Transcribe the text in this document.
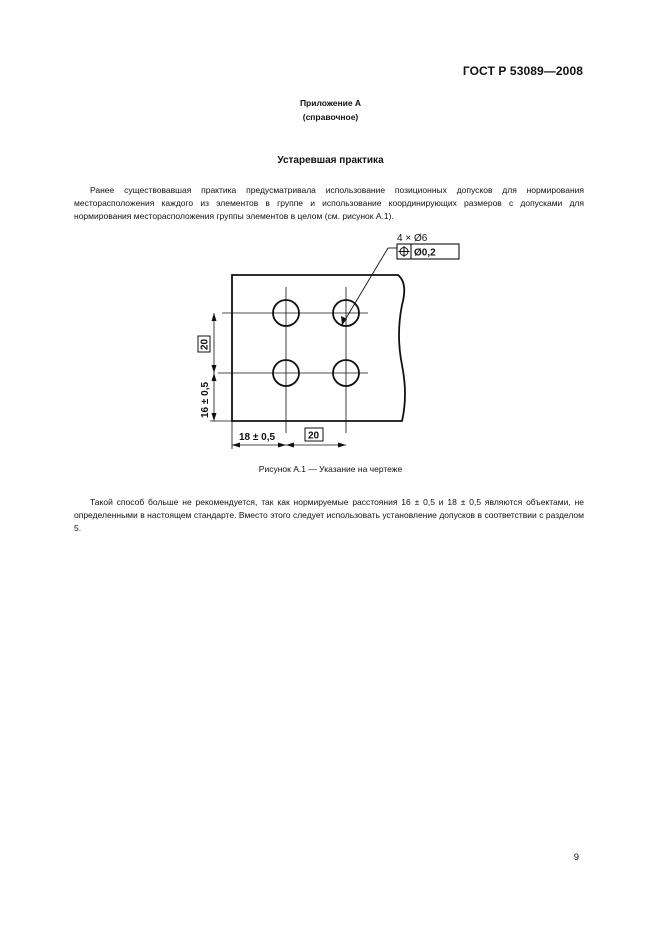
ГОСТ Р 53089—2008
Приложение А
(справочное)
Устаревшая практика

Ранее существовавшая практика предусматривала использование позиционных допусков для нормирования месторасположения каждого из элементов в группе и использование координирующих размеров с допусками для нормирования месторасположения группы элементов в целом (см. рисунок А.1).

4 × Ø6
Ø0,2
20
16 ± 0,5
18 ± 0,5	20
Рисунок А.1 — Указание на чертеже

Такой способ больше не рекомендуется, так как нормируемые расстояния 16 ± 0,5 и 18 ± 0,5 являются объектами, не определенными в настоящем стандарте. Вместо этого следует использовать установление допусков в соответствии с разделом 5.

9
